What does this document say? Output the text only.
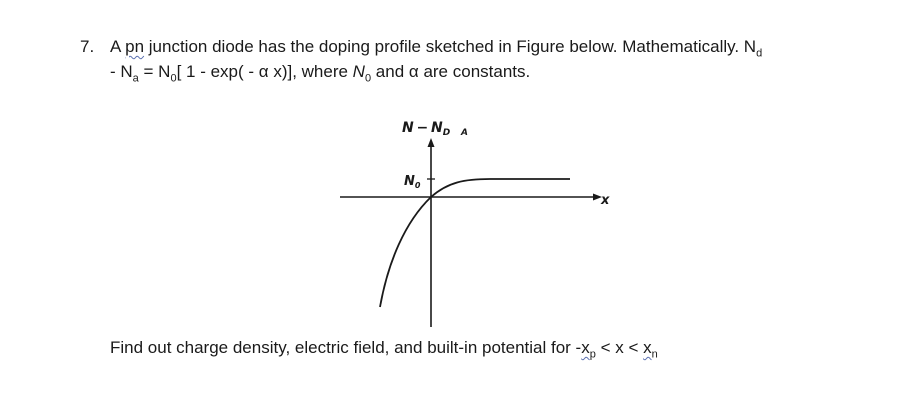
7. A pn junction diode has the doping profile sketched in Figure below. Mathematically. $N_d$
- $N_a = N_0$[ 1 - exp( - α x)], where $N_0$ and α are constants.
$N - N_D$ A
x
$N_0$
Find out charge density, electric field, and built-in potential for $-x_p < x < x_n$
